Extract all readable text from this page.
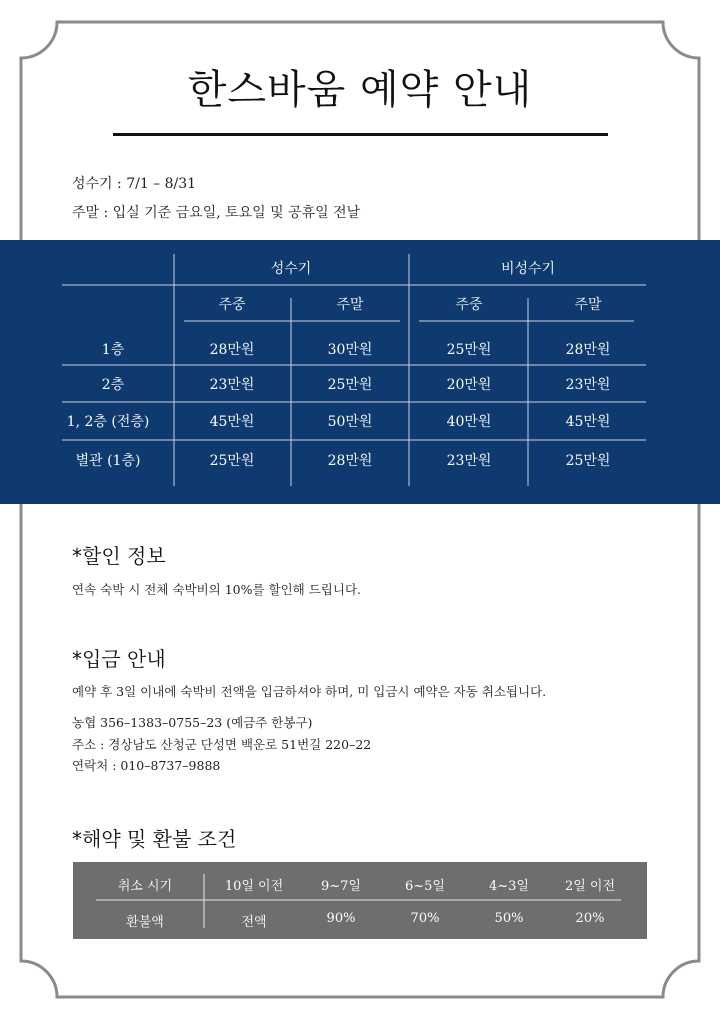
한스바움 예약 안내
성수기 : 7/1 – 8/31
주말 : 입실 기준 금요일, 토요일 및 공휴일 전날
성수기	비성수기
주중	주말	주중	주말
1층	28만원	30만원	25만원	28만원
2층	23만원	25만원	20만원	23만원
1, 2층 (전층)	45만원	50만원	40만원	45만원
별관 (1층)	25만원	28만원	23만원	25만원
*할인 정보
연속 숙박 시 전체 숙박비의 10%를 할인해 드립니다.
*입금 안내
예약 후 3일 이내에 숙박비 전액을 입금하셔야 하며, 미 입금시 예약은 자동 취소됩니다.
농협 356–1383–0755–23 (예금주 한봉구)
주소 : 경상남도 산청군 단성면 백운로 51번길 220–22
연락처 : 010–8737–9888
*해약 및 환불 조건
취소 시기	10일 이전	9~7일	6~5일	4~3일	2일 이전
환불액	전액	90%	70%	50%	20%
